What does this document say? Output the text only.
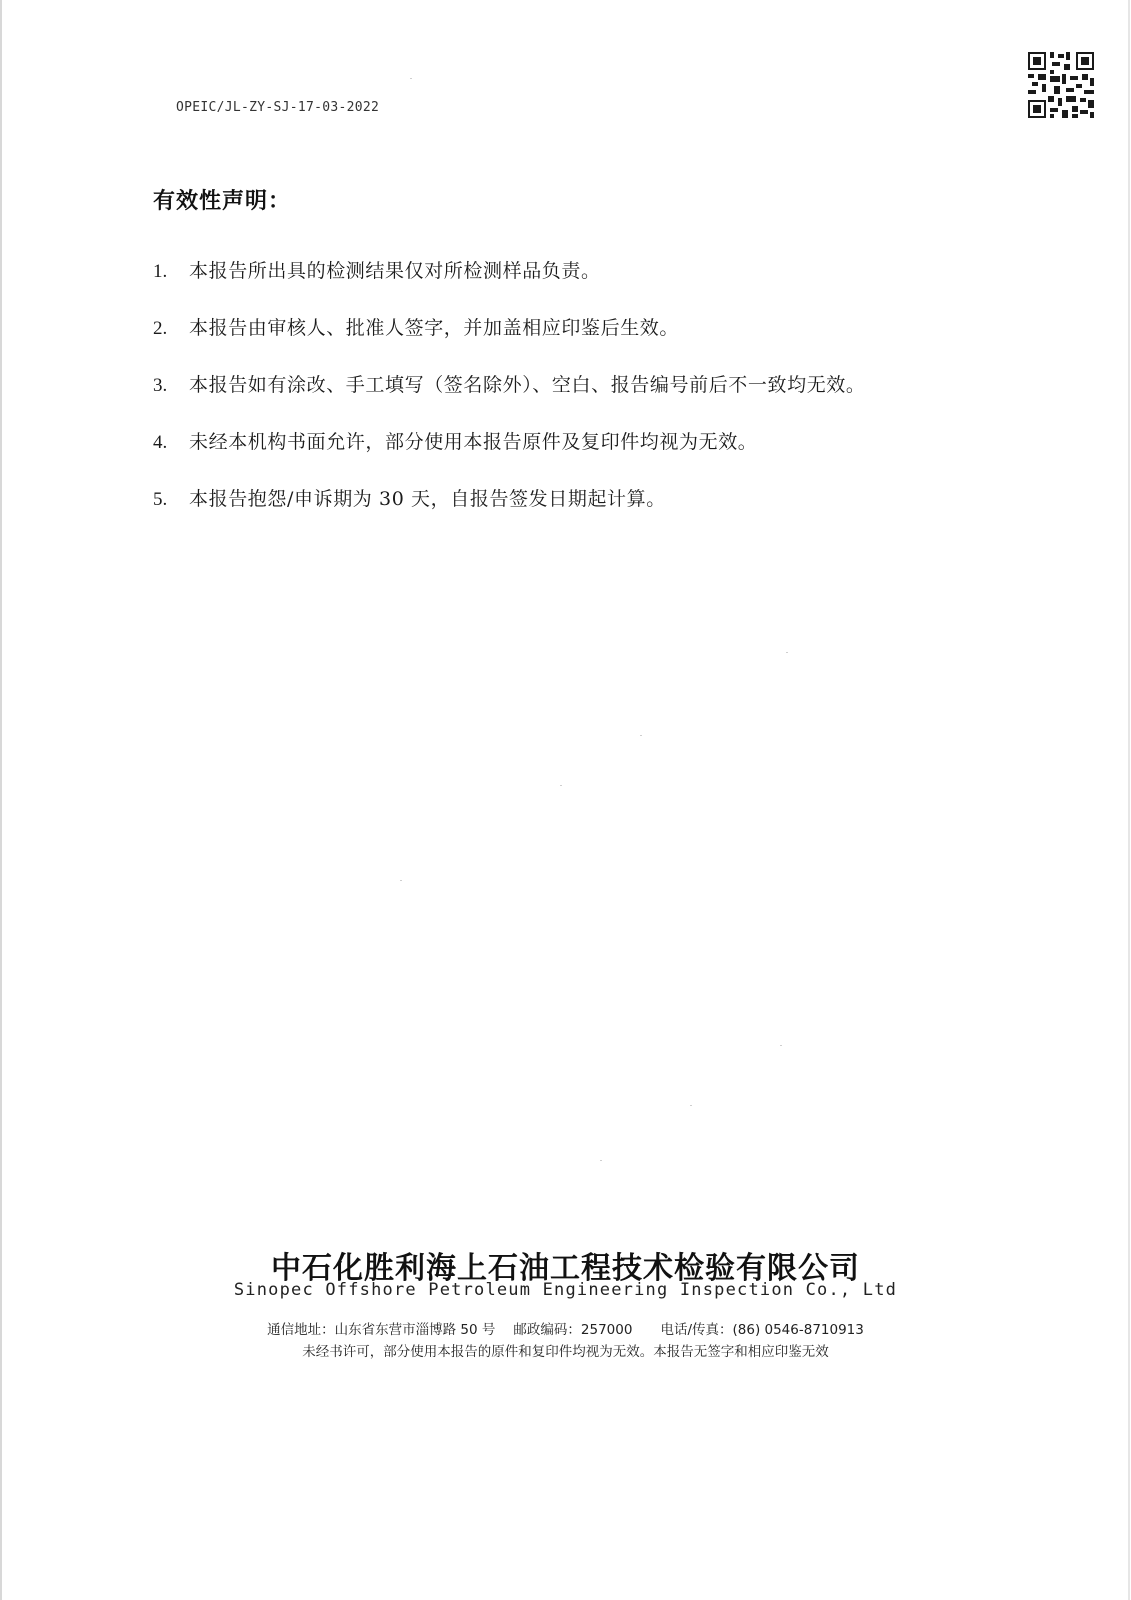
OPEIC/JL-ZY-SJ-17-03-2022
有效性声明：
1. 本报告所出具的检测结果仅对所检测样品负责。
2. 本报告由审核人、批准人签字，并加盖相应印鉴后生效。
3. 本报告如有涂改、手工填写（签名除外）、空白、报告编号前后不一致均无效。
4. 未经本机构书面允许，部分使用本报告原件及复印件均视为无效。
5. 本报告抱怨/申诉期为 30 天，自报告签发日期起计算。
中石化胜利海上石油工程技术检验有限公司
Sinopec Offshore Petroleum Engineering Inspection Co., Ltd
通信地址：山东省东营市淄博路 50 号 邮政编码：257000 电话/传真：(86) 0546-8710913
未经书许可，部分使用本报告的原件和复印件均视为无效。本报告无签字和相应印鉴无效
